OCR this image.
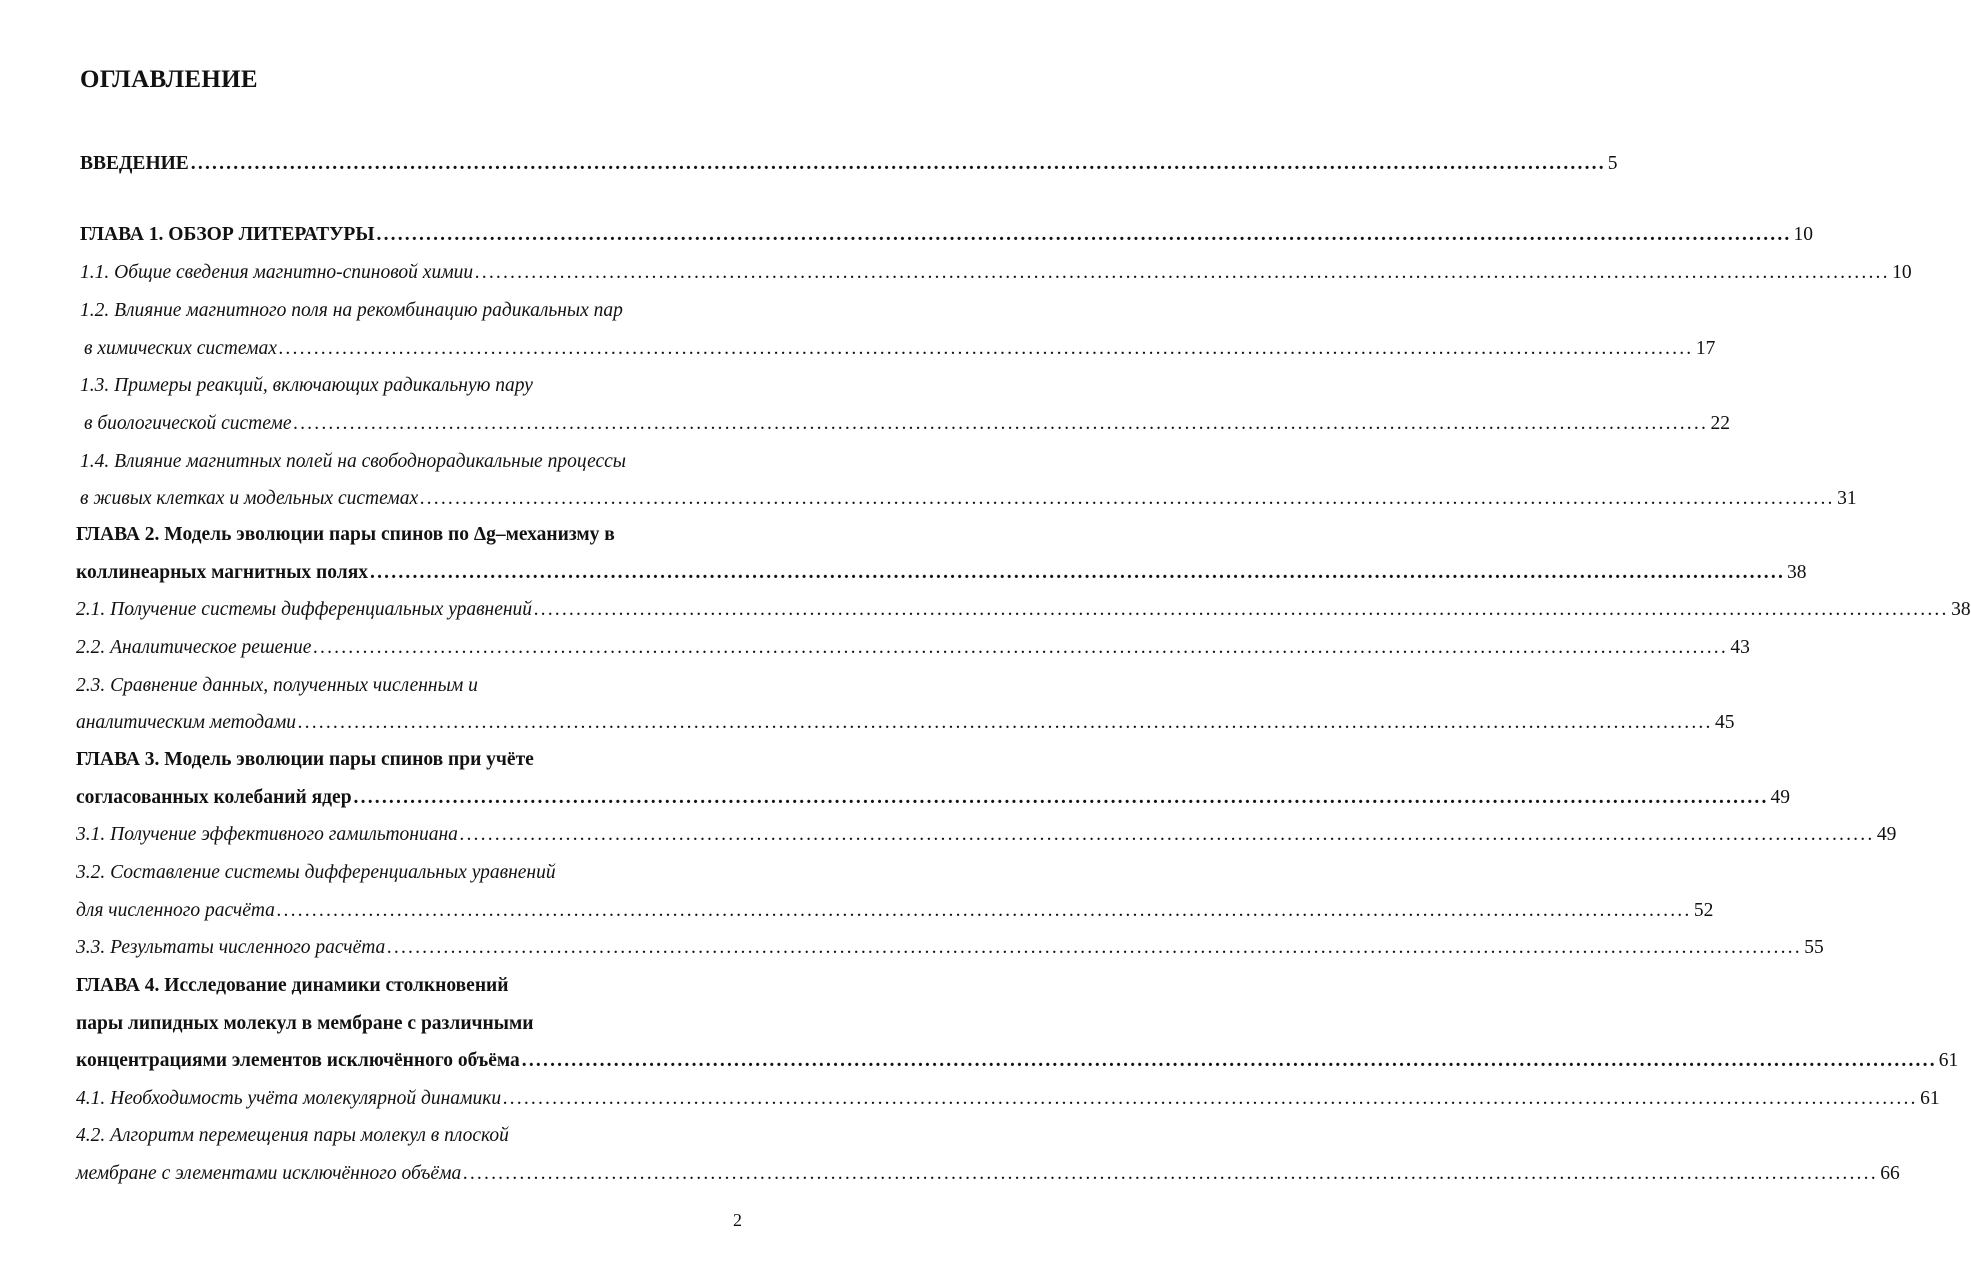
ОГЛАВЛЕНИЕ
ВВЕДЕНИЕ ........................................................................................................................................................................................................ 5
ГЛАВА 1. ОБЗОР ЛИТЕРАТУРЫ ........................................................................................................................................................................................................ 10
1.1. Общие сведения магнитно-спиновой химии ........................................................................................................................................................................................................ 10
1.2. Влияние магнитного поля на рекомбинацию радикальных пар
в химических системах ........................................................................................................................................................................................................ 17
1.3. Примеры реакций, включающих радикальную пару
в биологической системе ........................................................................................................................................................................................................ 22
1.4. Влияние магнитных полей на свободнорадикальные процессы
в живых клетках и модельных системах ........................................................................................................................................................................................................ 31
ГЛАВА 2. Модель эволюции пары спинов по Δg–механизму в
коллинеарных магнитных полях ........................................................................................................................................................................................................ 38
2.1. Получение системы дифференциальных уравнений ........................................................................................................................................................................................................ 38
2.2. Аналитическое решение ........................................................................................................................................................................................................ 43
2.3. Сравнение данных, полученных численным и
аналитическим методами ........................................................................................................................................................................................................ 45
ГЛАВА 3. Модель эволюции пары спинов при учёте
согласованных колебаний ядер ........................................................................................................................................................................................................ 49
3.1. Получение эффективного гамильтониана ........................................................................................................................................................................................................ 49
3.2. Составление системы дифференциальных уравнений
для численного расчёта ........................................................................................................................................................................................................ 52
3.3. Результаты численного расчёта ........................................................................................................................................................................................................ 55
ГЛАВА 4. Исследование динамики столкновений
пары липидных молекул в мембране с различными
концентрациями элементов исключённого объёма ........................................................................................................................................................................................................ 61
4.1. Необходимость учёта молекулярной динамики ........................................................................................................................................................................................................ 61
4.2. Алгоритм перемещения пары молекул в плоской
мембране с элементами исключённого объёма ........................................................................................................................................................................................................ 66
2
